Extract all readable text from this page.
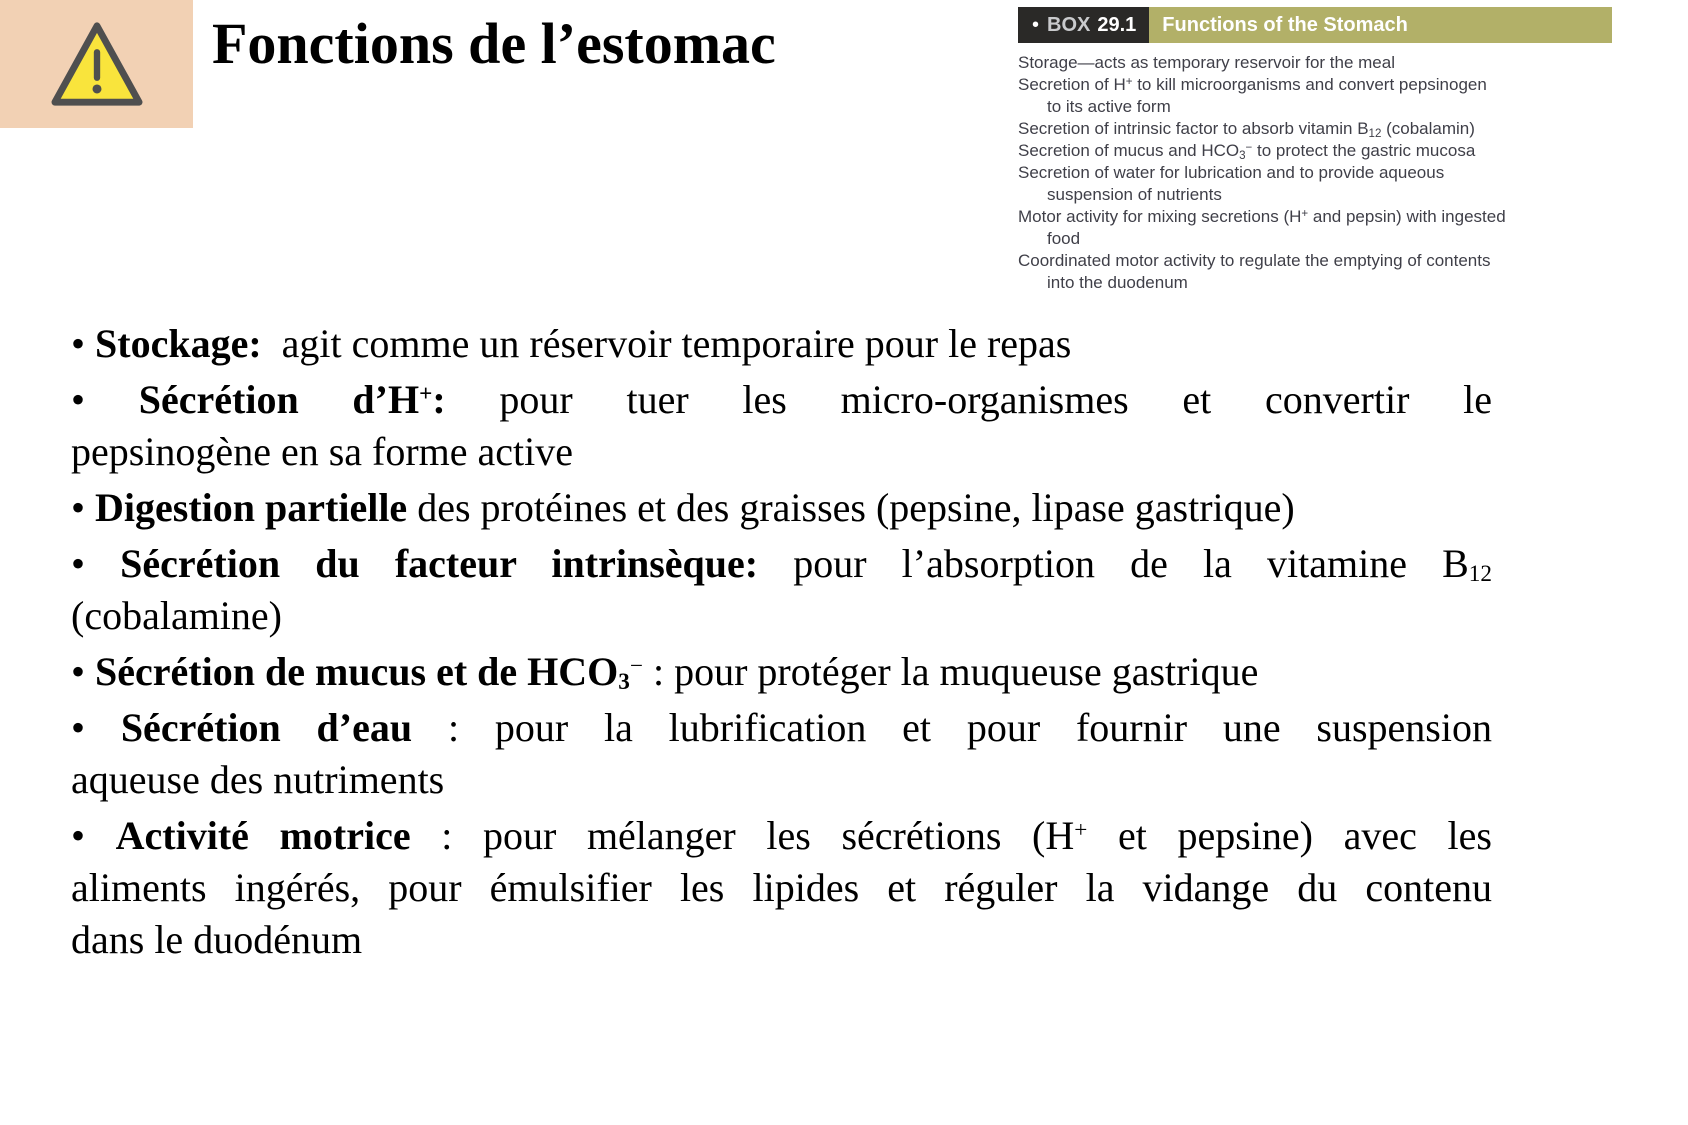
Fonctions de l’estomac	• BOX 29.1	Functions of the Stomach
Storage—acts as temporary reservoir for the meal
Secretion of H+ to kill microorganisms and convert pepsinogen
to its active form
Secretion of intrinsic factor to absorb vitamin $B_{12}$ (cobalamin)
Secretion of mucus and $HCO_3^-$ to protect the gastric mucosa
Secretion of water for lubrication and to provide aqueous
suspension of nutrients
Motor activity for mixing secretions (H+ and pepsin) with ingested
food
Coordinated motor activity to regulate the emptying of contents
into the duodenum
• Stockage:  agit comme un réservoir temporaire pour le repas
• Sécrétion d’H+: pour tuer les micro-organismes et convertir le
pepsinogène en sa forme active
• Digestion partielle des protéines et des graisses (pepsine, lipase gastrique)
• Sécrétion du facteur intrinsèque: pour l’absorption de la vitamine $B_{12}$
(cobalamine)
• Sécrétion de mucus et de $HCO_3^-$ : pour protéger la muqueuse gastrique
• Sécrétion d’eau : pour la lubrification et pour fournir une suspension
aqueuse des nutriments
• Activité motrice : pour mélanger les sécrétions (H+ et pepsine) avec les
aliments ingérés, pour émulsifier les lipides et réguler la vidange du contenu
dans le duodénum
